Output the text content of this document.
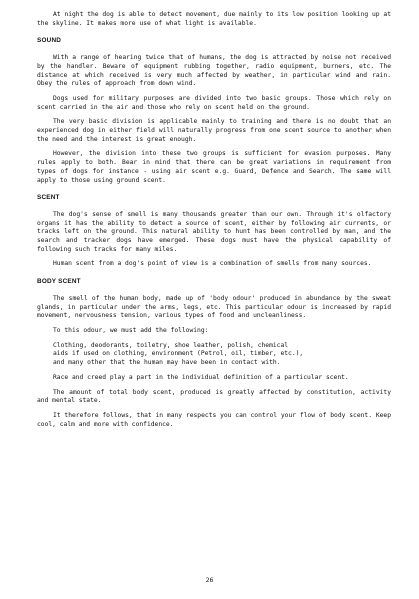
At night the dog is able to detect movement, due mainly to its low position looking up at the skyline. It makes more use of what light is available.

SOUND

With a range of hearing twice that of humans, the dog is attracted by noise not received by the handler. Beware of equipment rubbing together, radio equipment, burners, etc. The distance at which received is very much affected by weather, in particular wind and rain. Obey the rules of approach from down wind.

Dogs used for military purposes are divided into two basic groups. Those which rely on scent carried in the air and those who rely on scent held on the ground.

The very basic division is applicable mainly to training and there is no doubt that an experienced dog in either field will naturally progress from one scent source to another when the need and the interest is great enough.

However, the division into these two groups is sufficient for evasion purposes. Many rules apply to both. Bear in mind that there can be great variations in requirement from types of dogs for instance - using air scent e.g. Guard, Defence and Search. The same will apply to those using ground scent.

SCENT

The dog's sense of smell is many thousands greater than our own. Through it's olfactory organs it has the ability to detect a source of scent, either by following air currents, or tracks left on the ground. This natural ability to hunt has been controlled by man, and the search and tracker dogs have emerged. These dogs must have the physical capability of following such tracks for many miles.

Human scent from a dog's point of view is a combination of smells from many sources.

BODY SCENT

The smell of the human body, made up of 'body odour' produced in abundance by the sweat glands, in particular under the arms, legs, etc. This particular odour is increased by rapid movement, nervousness tension, various types of food and uncleanliness.

To this odour, we must add the following:

Clothing, deodorants, toiletry, shoe leather, polish, chemical
aids if used on clothing, environment (Petrol, oil, timber, etc.),
and many other that the human may have been in contact with.

Race and creed play a part in the individual definition of a particular scent.

The amount of total body scent, produced is greatly affected by constitution, activity and mental state.

It therefore follows, that in many respects you can control your flow of body scent. Keep cool, calm and more with confidence.

26
